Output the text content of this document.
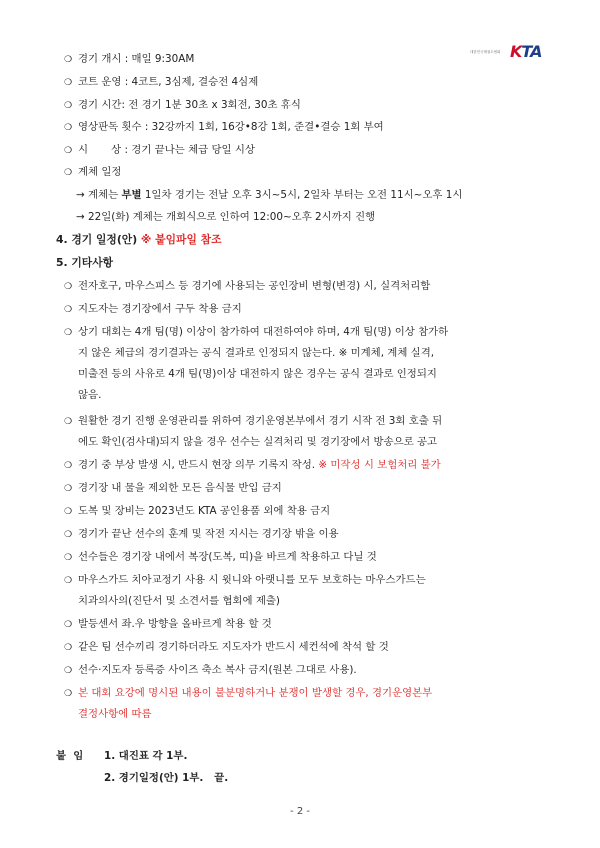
대한민국태권도협회 KTA
❍ 경기 개시 : 매일 9:30AM
❍ 코트 운영 : 4코트, 3심제, 결승전 4심제
❍ 경기 시간: 전 경기 1분 30초 x 3회전, 30초 휴식
❍ 영상판독 횟수 : 32강까지 1회, 16강•8강 1회, 준결•결승 1회 부여
❍ 시       상 : 경기 끝나는 체급 당일 시상
❍ 계체 일정
→ 계체는 부별 1일차 경기는 전날 오후 3시~5시, 2일차 부터는 오전 11시~오후 1시
→ 22일(화) 계체는 개회식으로 인하여 12:00~오후 2시까지 진행
4. 경기 일정(안) ※ 붙임파일 참조
5. 기타사항
❍ 전자호구, 마우스피스 등 경기에 사용되는 공인장비 변형(변경) 시, 실격처리함
❍ 지도자는 경기장에서 구두 착용 금지
❍ 상기 대회는 4개 팀(명) 이상이 참가하여 대전하여야 하며, 4개 팀(명) 이상 참가하
지 않은 체급의 경기결과는 공식 결과로 인정되지 않는다. ※ 미계체, 계체 실격,
미출전 등의 사유로 4개 팀(명)이상 대전하지 않은 경우는 공식 결과로 인정되지
않음.
❍ 원활한 경기 진행 운영관리를 위하여 경기운영본부에서 경기 시작 전 3회 호출 뒤
에도 확인(검사대)되지 않을 경우 선수는 실격처리 및 경기장에서 방송으로 공고
❍ 경기 중 부상 발생 시, 반드시 현장 의무 기록지 작성. ※ 미작성 시 보험처리 불가
❍ 경기장 내 물을 제외한 모든 음식물 반입 금지
❍ 도복 및 장비는 2023년도 KTA 공인용품 외에 착용 금지
❍ 경기가 끝난 선수의 훈계 및 작전 지시는 경기장 밖을 이용
❍ 선수들은 경기장 내에서 복장(도복, 띠)을 바르게 착용하고 다닐 것
❍ 마우스가드 치아교정기 사용 시 윗니와 아랫니를 모두 보호하는 마우스가드는
치과의사의(진단서 및 소견서를 협회에 제출)
❍ 발등센서 좌.우 방향을 올바르게 착용 할 것
❍ 같은 팀 선수끼리 경기하더라도 지도자가 반드시 세컨석에 착석 할 것
❍ 선수·지도자 등록증 사이즈 축소 복사 금지(원본 그대로 사용).
❍ 본 대회 요강에 명시된 내용이 불분명하거나 분쟁이 발생할 경우, 경기운영본부
결정사항에 따름
붙  임 1. 대진표 각 1부.
2. 경기일정(안) 1부.   끝.
- 2 -
